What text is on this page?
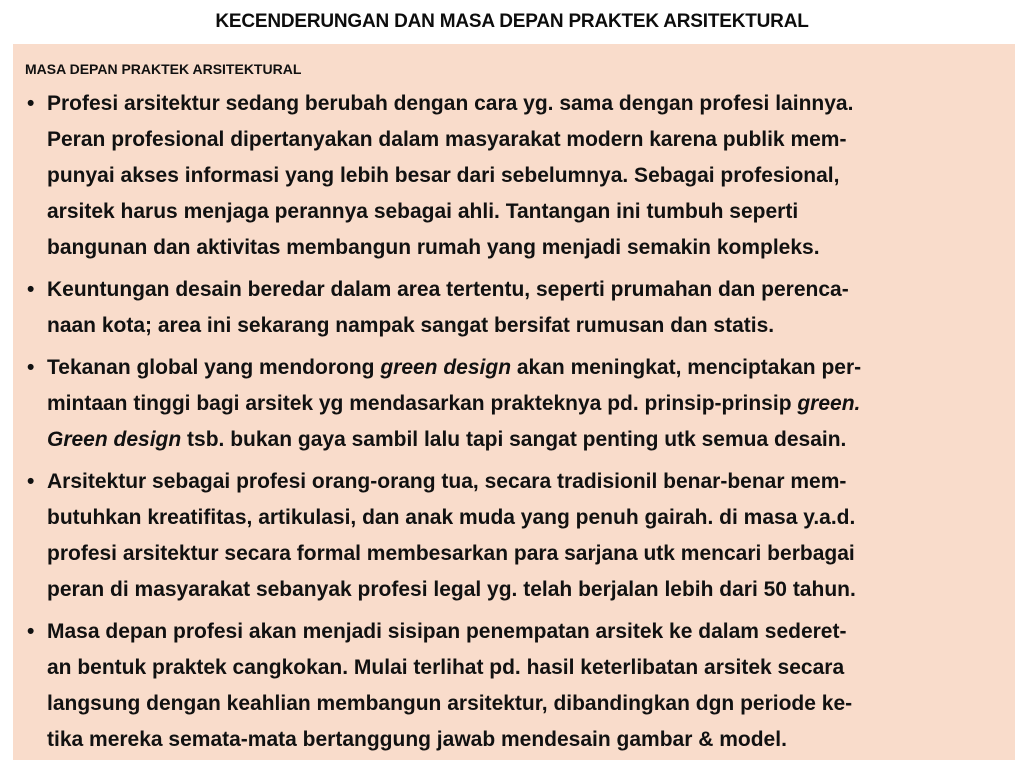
KECENDERUNGAN DAN MASA DEPAN PRAKTEK ARSITEKTURAL
MASA DEPAN PRAKTEK ARSITEKTURAL
• Profesi arsitektur sedang berubah dengan cara yg. sama dengan profesi lainnya.
Peran profesional dipertanyakan dalam masyarakat modern karena publik mem-
punyai akses informasi yang lebih besar dari sebelumnya. Sebagai profesional,
arsitek harus menjaga perannya sebagai ahli. Tantangan ini tumbuh seperti
bangunan dan aktivitas membangun rumah yang menjadi semakin kompleks.
• Keuntungan desain beredar dalam area tertentu, seperti prumahan dan perenca-
naan kota; area ini sekarang nampak sangat bersifat rumusan dan statis.
• Tekanan global yang mendorong green design akan meningkat, menciptakan per-
mintaan tinggi bagi arsitek yg mendasarkan prakteknya pd. prinsip-prinsip green.
Green design tsb. bukan gaya sambil lalu tapi sangat penting utk semua desain.
• Arsitektur sebagai profesi orang-orang tua, secara tradisionil benar-benar mem-
butuhkan kreatifitas, artikulasi, dan anak muda yang penuh gairah. di masa y.a.d.
profesi arsitektur secara formal membesarkan para sarjana utk mencari berbagai
peran di masyarakat sebanyak profesi legal yg. telah berjalan lebih dari 50 tahun.
• Masa depan profesi akan menjadi sisipan penempatan arsitek ke dalam sederet-
an bentuk praktek cangkokan. Mulai terlihat pd. hasil keterlibatan arsitek secara
langsung dengan keahlian membangun arsitektur, dibandingkan dgn periode ke-
tika mereka semata-mata bertanggung jawab mendesain gambar & model.
